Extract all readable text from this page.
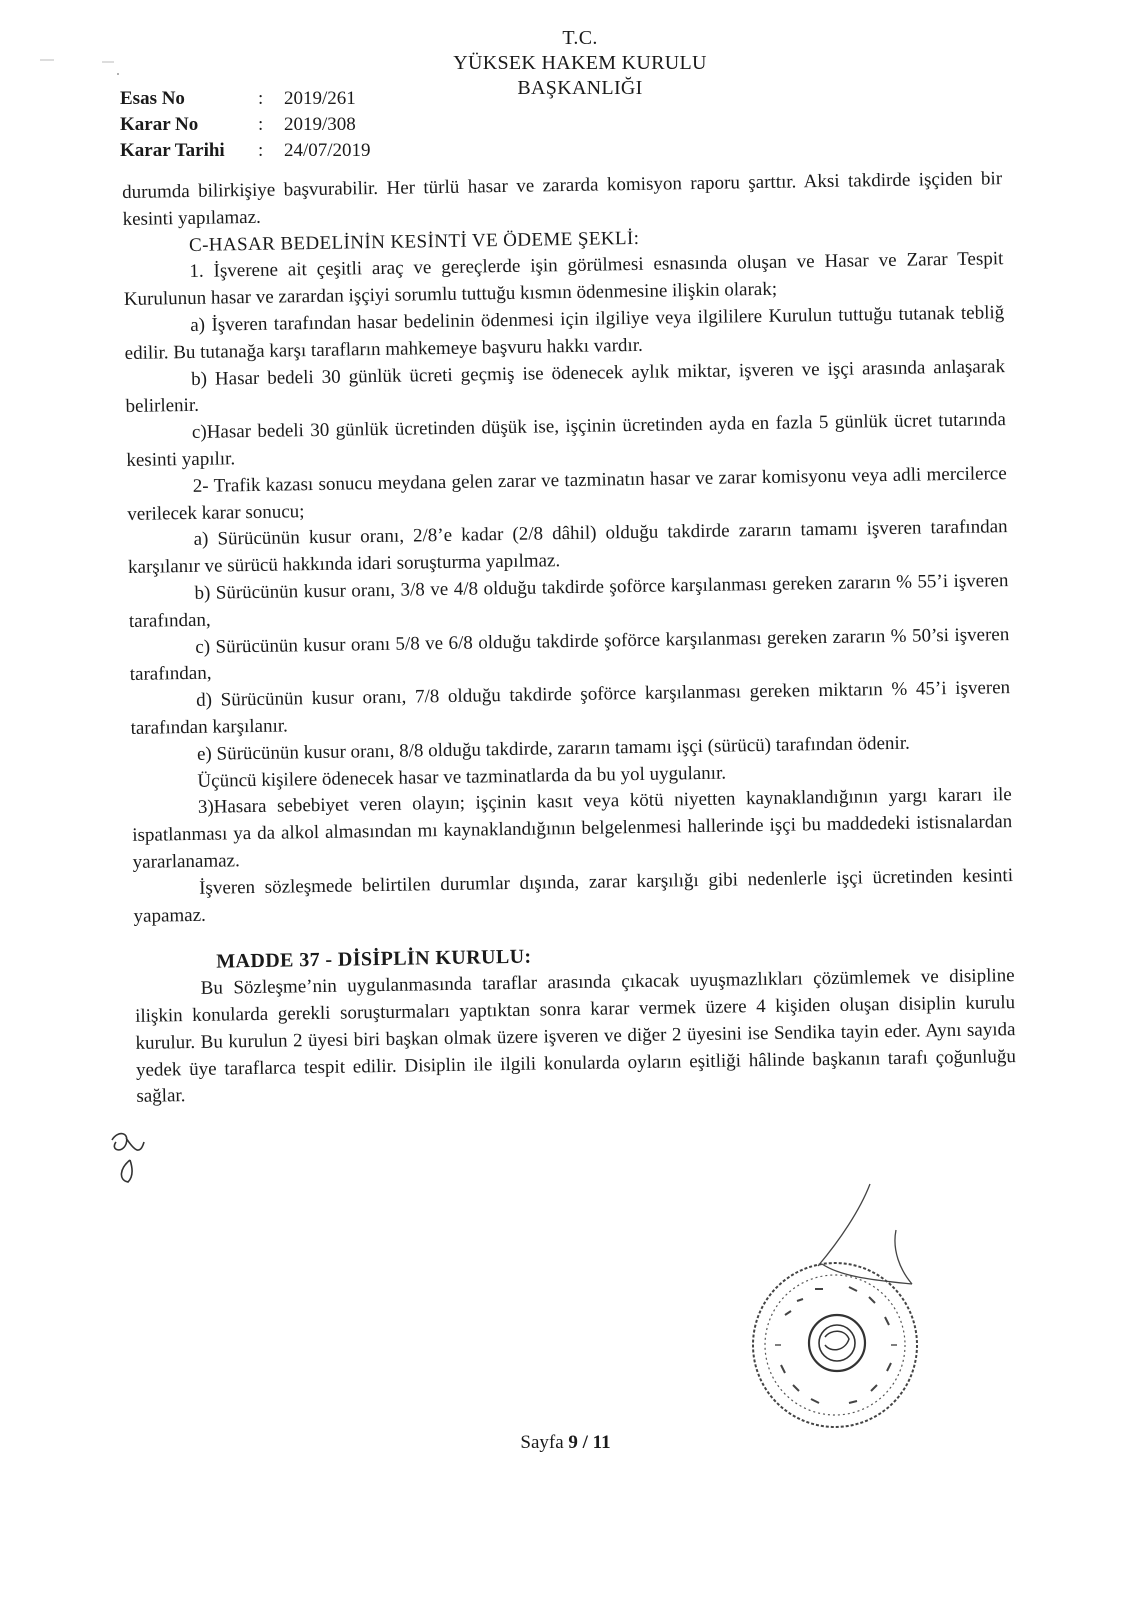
T.C.
YÜKSEK HAKEM KURULU
BAŞKANLIĞI
Esas No	:	2019/261
Karar No	:	2019/308
Karar Tarihi	:	24/07/2019

durumda bilirkişiye başvurabilir. Her türlü hasar ve zararda komisyon raporu şarttır. Aksi takdirde işçiden bir kesinti yapılamaz.

C-HASAR BEDELİNİN KESİNTİ VE ÖDEME ŞEKLİ:

1. İşverene ait çeşitli araç ve gereçlerde işin görülmesi esnasında oluşan ve Hasar ve Zarar Tespit Kurulunun hasar ve zarardan işçiyi sorumlu tuttuğu kısmın ödenmesine ilişkin olarak;

a) İşveren tarafından hasar bedelinin ödenmesi için ilgiliye veya ilgililere Kurulun tuttuğu tutanak tebliğ edilir. Bu tutanağa karşı tarafların mahkemeye başvuru hakkı vardır.

b) Hasar bedeli 30 günlük ücreti geçmiş ise ödenecek aylık miktar, işveren ve işçi arasında anlaşarak belirlenir.

c)Hasar bedeli 30 günlük ücretinden düşük ise, işçinin ücretinden ayda en fazla 5 günlük ücret tutarında kesinti yapılır.

2- Trafik kazası sonucu meydana gelen zarar ve tazminatın hasar ve zarar komisyonu veya adli mercilerce verilecek karar sonucu;

a) Sürücünün kusur oranı, 2/8’e kadar (2/8 dâhil) olduğu takdirde zararın tamamı işveren tarafından karşılanır ve sürücü hakkında idari soruşturma yapılmaz.

b) Sürücünün kusur oranı, 3/8 ve 4/8 olduğu takdirde şoförce karşılanması gereken zararın % 55’i işveren tarafından,

c) Sürücünün kusur oranı 5/8 ve 6/8 olduğu takdirde şoförce karşılanması gereken zararın % 50’si işveren tarafından,

d) Sürücünün kusur oranı, 7/8 olduğu takdirde şoförce karşılanması gereken miktarın % 45’i işveren tarafından karşılanır.

e) Sürücünün kusur oranı, 8/8 olduğu takdirde, zararın tamamı işçi (sürücü) tarafından ödenir.

Üçüncü kişilere ödenecek hasar ve tazminatlarda da bu yol uygulanır.

3)Hasara sebebiyet veren olayın; işçinin kasıt veya kötü niyetten kaynaklandığının yargı kararı ile ispatlanması ya da alkol almasından mı kaynaklandığının belgelenmesi hallerinde işçi bu maddedeki istisnalardan yararlanamaz.

İşveren sözleşmede belirtilen durumlar dışında, zarar karşılığı gibi nedenlerle işçi ücretinden kesinti yapamaz.

MADDE 37 - DİSİPLİN KURULU:

Bu Sözleşme’nin uygulanmasında taraflar arasında çıkacak uyuşmazlıkları çözümlemek ve disipline ilişkin konularda gerekli soruşturmaları yaptıktan sonra karar vermek üzere 4 kişiden oluşan disiplin kurulu kurulur. Bu kurulun 2 üyesi biri başkan olmak üzere işveren ve diğer 2 üyesini ise Sendika tayin eder. Aynı sayıda yedek üye taraflarca tespit edilir. Disiplin ile ilgili konularda oyların eşitliği hâlinde başkanın tarafı çoğunluğu sağlar.

Sayfa 9 / 11
